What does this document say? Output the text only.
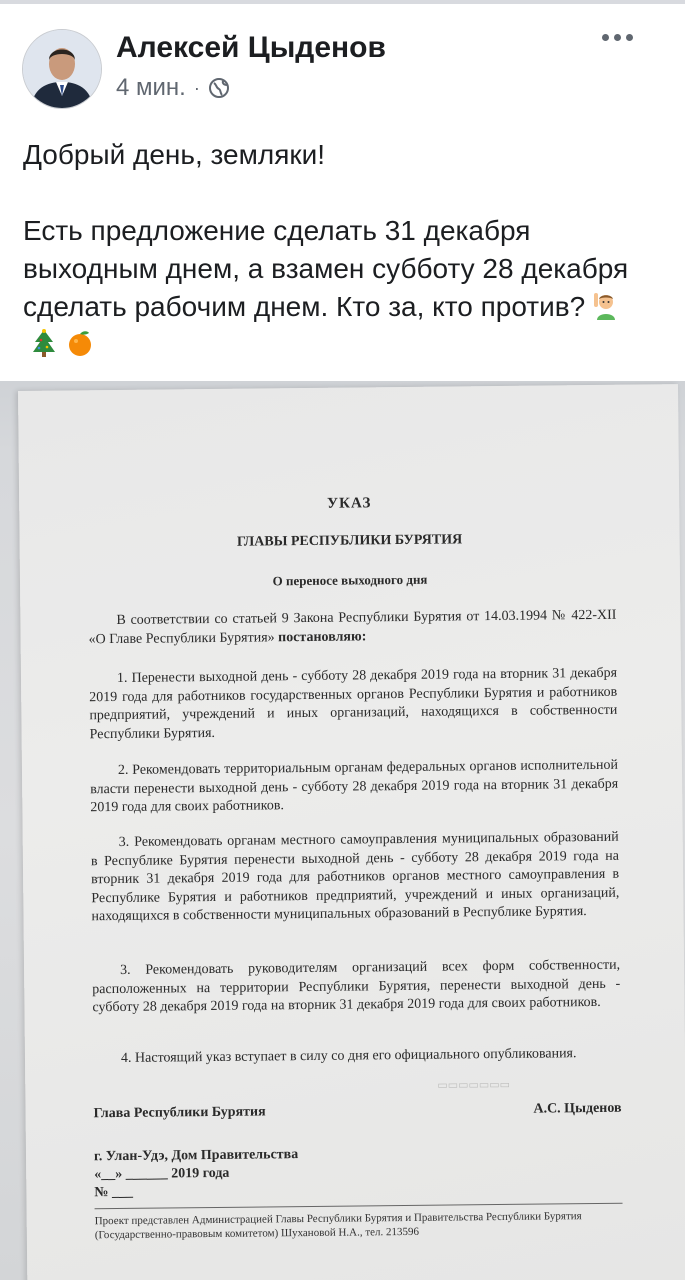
Алексей Цыденов
4 мин. ·

Добрый день, земляки!

Есть предложение сделать 31 декабря выходным днем, а взамен субботу 28 декабря сделать рабочим днем. Кто за, кто против?

УКАЗ
ГЛАВЫ РЕСПУБЛИКИ БУРЯТИЯ
О переносе выходного дня
В соответствии со статьей 9 Закона Республики Бурятия от 14.03.1994 № 422-XII «О Главе Республики Бурятия» постановляю:
1. Перенести выходной день - субботу 28 декабря 2019 года на вторник 31 декабря 2019 года для работников государственных органов Республики Бурятия и работников предприятий, учреждений и иных организаций, находящихся в собственности Республики Бурятия.
2. Рекомендовать территориальным органам федеральных органов исполнительной власти перенести выходной день - субботу 28 декабря 2019 года на вторник 31 декабря 2019 года для своих работников.
3. Рекомендовать органам местного самоуправления муниципальных образований в Республике Бурятия перенести выходной день - субботу 28 декабря 2019 года на вторник 31 декабря 2019 года для работников органов местного самоуправления в Республике Бурятия и работников предприятий, учреждений и иных организаций, находящихся в собственности муниципальных образований в Республике Бурятия.
3. Рекомендовать руководителям организаций всех форм собственности, расположенных на территории Республики Бурятия, перенести выходной день - субботу 28 декабря 2019 года на вторник 31 декабря 2019 года для своих работников.
4. Настоящий указ вступает в силу со дня его официального опубликования.
▭▭▭▭▭▭▭
Глава Республики Бурятия	А.С. Цыденов
г. Улан-Удэ, Дом Правительства
«__» ______ 2019 года
№ ___
Проект представлен Администрацией Главы Республики Бурятия и Правительства Республики Бурятия (Государственно-правовым комитетом) Шухановой Н.А., тел. 213596
